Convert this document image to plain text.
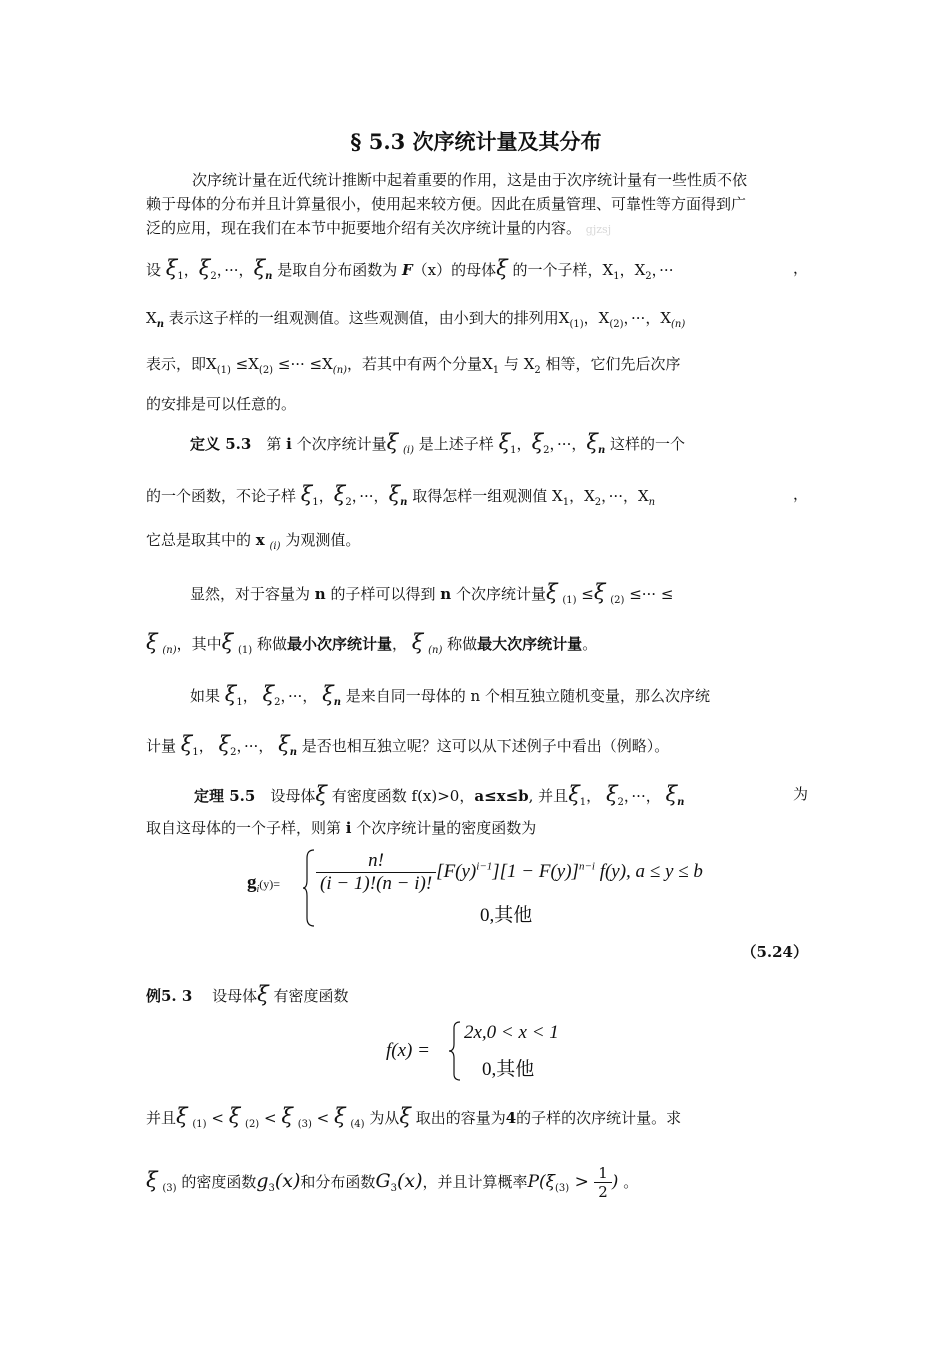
§ 5.3 次序统计量及其分布
次序统计量在近代统计推断中起着重要的作用，这是由于次序统计量有一些性质不依
赖于母体的分布并且计算量很小，使用起来较方便。因此在质量管理、可靠性等方面得到广
泛的应用，现在我们在本节中扼要地介绍有关次序统计量的内容。 gjzsj
设 $\xi_1$，$\xi_2$，···，$\xi_n$ 是取自分布函数为 F（x）的母体ξ 的一个子样，$X_1$，$X_2$，···	，
$X_n$ 表示这子样的一组观测值。这些观测值，由小到大的排列用$X_{(1)}$，$X_{(2)}$，···，$X_{(n)}$
表示，即$X_{(1)} \le X_{(2)}$ ≤··· $\le X_{(n)}$，若其中有两个分量$X_1$ 与 $X_2$ 相等，它们先后次序
的安排是可以任意的。
定义 5.3　 第 i 个次序统计量ξ $_{(i)}$ 是上述子样 $\xi_1$，$\xi_2$，···，$\xi_n$ 这样的一个
的一个函数，不论子样 $\xi_1$，$\xi_2$，···，$\xi_n$ 取得怎样一组观测值 $X_1$，$X_2$，···，$X_n$	，
它总是取其中的 x $_{(i)}$ 为观测值。
显然，对于容量为 n 的子样可以得到 n 个次序统计量ξ $_{(1)}$ ≤ξ $_{(2)}$ ≤··· ≤
ξ $_{(n)}$，其中ξ $_{(1)}$ 称做最小次序统计量， ξ $_{(n)}$ 称做最大次序统计量。
如果 $\xi_1$， $\xi_2$，···， $\xi_n$ 是来自同一母体的 n 个相互独立随机变量，那么次序统
计量 $\xi_1$， $\xi_2$，···， $\xi_n$ 是否也相互独立呢？这可以从下述例子中看出（例略）。
定理 5.5　 设母体ξ 有密度函数 f(x)>0，a≤x≤b, 并且$\xi_1$， $\xi_2$，···， $\xi_n$	为
取自这母体的一个子样，则第 i 个次序统计量的密度函数为
$g_i(y)= \frac{n!}{(i - 1)!(n - i)!} [F(y)^{i-1}][1 - F(y)]^{n-i}$ f(y), a ≤ y ≤ b
0,其他
（5.24）
例5. 3　 设母体ξ 有密度函数
f(x) =
2x,0 < x < 1
0,其他
并且ξ $_{(1)}$ < ξ $_{(2)}$ < ξ $_{(3)}$ < ξ $_{(4)}$ 为从ξ 取出的容量为4的子样的次序统计量。求
ξ $_{(3)}$ 的密度函数$g_3(x)$和分布函数$G_3(x)$，并且计算概率$P(\xi_{(3)} > \frac{1}{2}$ ) 。
